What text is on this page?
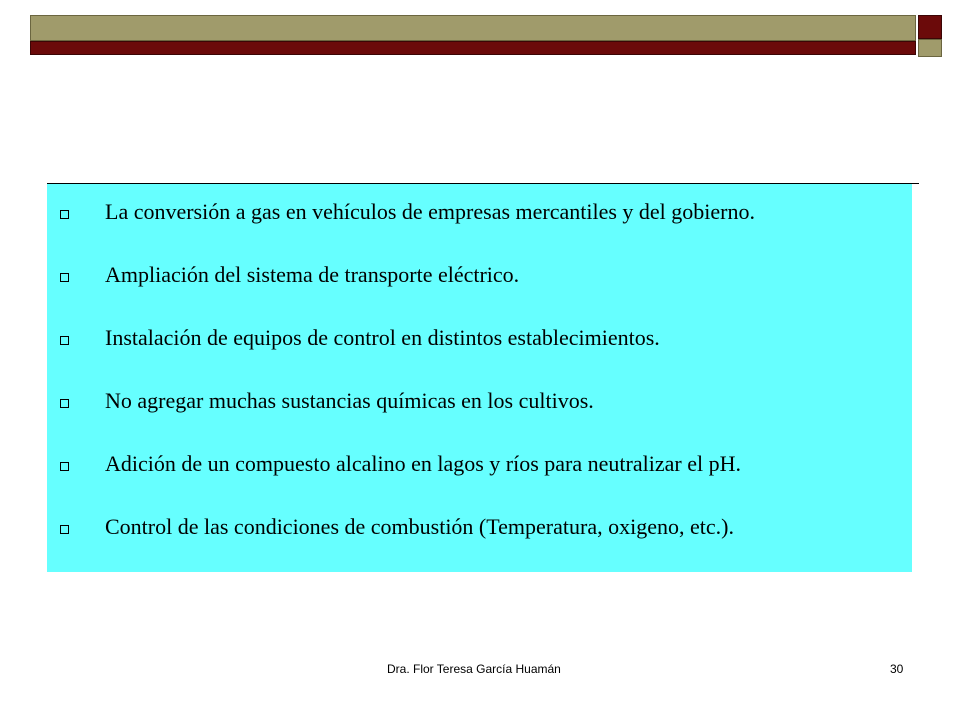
La conversión a gas en vehículos de empresas mercantiles y del gobierno.
Ampliación del sistema de transporte eléctrico.
Instalación de equipos de control en distintos establecimientos.
No agregar muchas sustancias químicas en los cultivos.
Adición de un compuesto alcalino en lagos y ríos para neutralizar el pH.
Control de las condiciones de combustión (Temperatura, oxigeno, etc.).
Dra. Flor Teresa García Huamán	30
